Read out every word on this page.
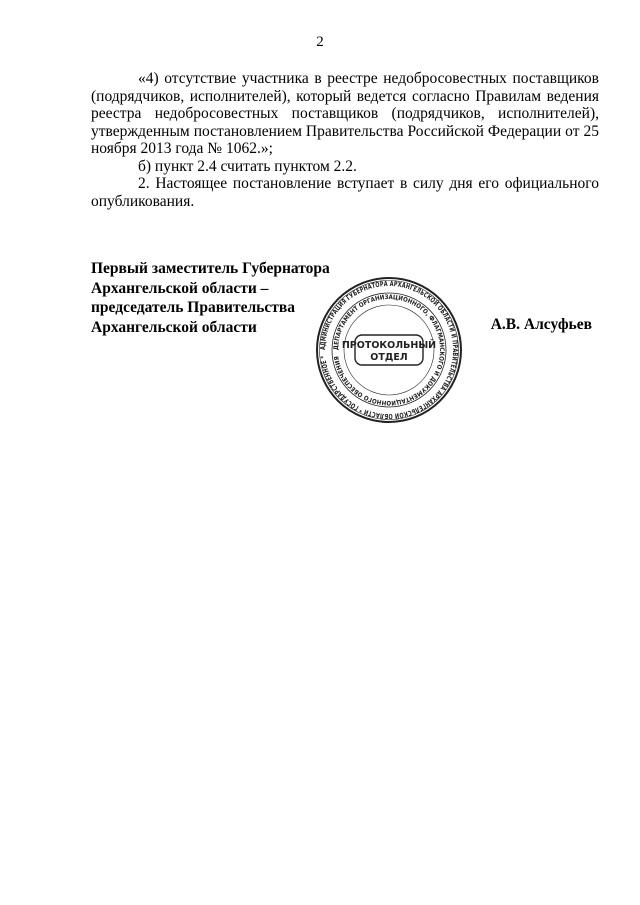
2

«4) отсутствие участника в реестре недобросовестных поставщиков (подрядчиков, исполнителей), который ведется согласно Правилам ведения реестра недобросовестных поставщиков (подрядчиков, исполнителей), утвержденным постановлением Правительства Российской Федерации от 25 ноября 2013 года № 1062.»;

б) пункт 2.4 считать пунктом 2.2.

2. Настоящее постановление вступает в силу дня его официального опубликования.

Первый заместитель Губернатора
Архангельской области –
председатель Правительства
Архангельской области	А.В. Алсуфьев
АДМИНИСТРАЦИЯ ГУБЕРНАТОРА АРХАНГЕЛЬСКОЙ ОБЛАСТИ И ПРАВИТЕЛЬСТВА АРХАНГЕЛЬСКОЙ ОБЛАСТИ * ГОСУДАРСТВЕННОЕ *
ДЕПАРТАМЕНТ ОРГАНИЗАЦИОННОГО, ФЛАГМАНСКОГО И ДОКУМЕНТАЦИОННОГО ОБЕСПЕЧЕНИЯ
ПРОТОКОЛЬНЫЙ
ОТДЕЛ
